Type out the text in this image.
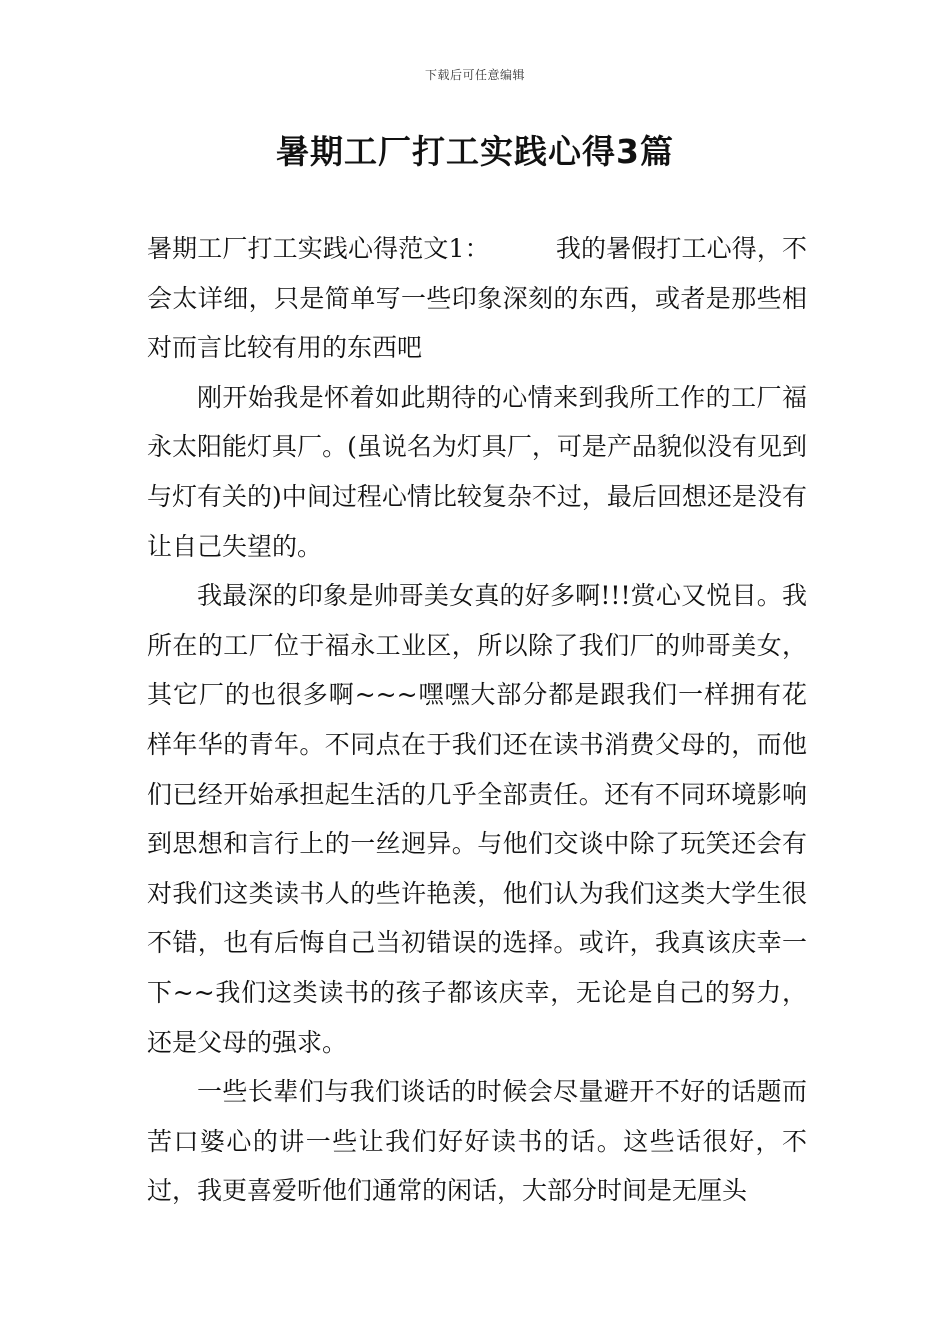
下载后可任意编辑
暑期工厂打工实践心得3篇

暑期工厂打工实践心得范文1：	我的暑假打工心得，不会太详细，只是简单写一些印象深刻的东西，或者是那些相对而言比较有用的东西吧

刚开始我是怀着如此期待的心情来到我所工作的工厂福永太阳能灯具厂。(虽说名为灯具厂，可是产品貌似没有见到与灯有关的)中间过程心情比较复杂不过，最后回想还是没有让自己失望的。

我最深的印象是帅哥美女真的好多啊!!!赏心又悦目。我所在的工厂位于福永工业区，所以除了我们厂的帅哥美女，其它厂的也很多啊~~~嘿嘿大部分都是跟我们一样拥有花样年华的青年。不同点在于我们还在读书消费父母的，而他们已经开始承担起生活的几乎全部责任。还有不同环境影响到思想和言行上的一丝迥异。与他们交谈中除了玩笑还会有对我们这类读书人的些许艳羡，他们认为我们这类大学生很不错，也有后悔自己当初错误的选择。或许，我真该庆幸一下~~我们这类读书的孩子都该庆幸，无论是自己的努力，还是父母的强求。

一些长辈们与我们谈话的时候会尽量避开不好的话题而苦口婆心的讲一些让我们好好读书的话。这些话很好，不过，我更喜爱听他们通常的闲话，大部分时间是无厘头
